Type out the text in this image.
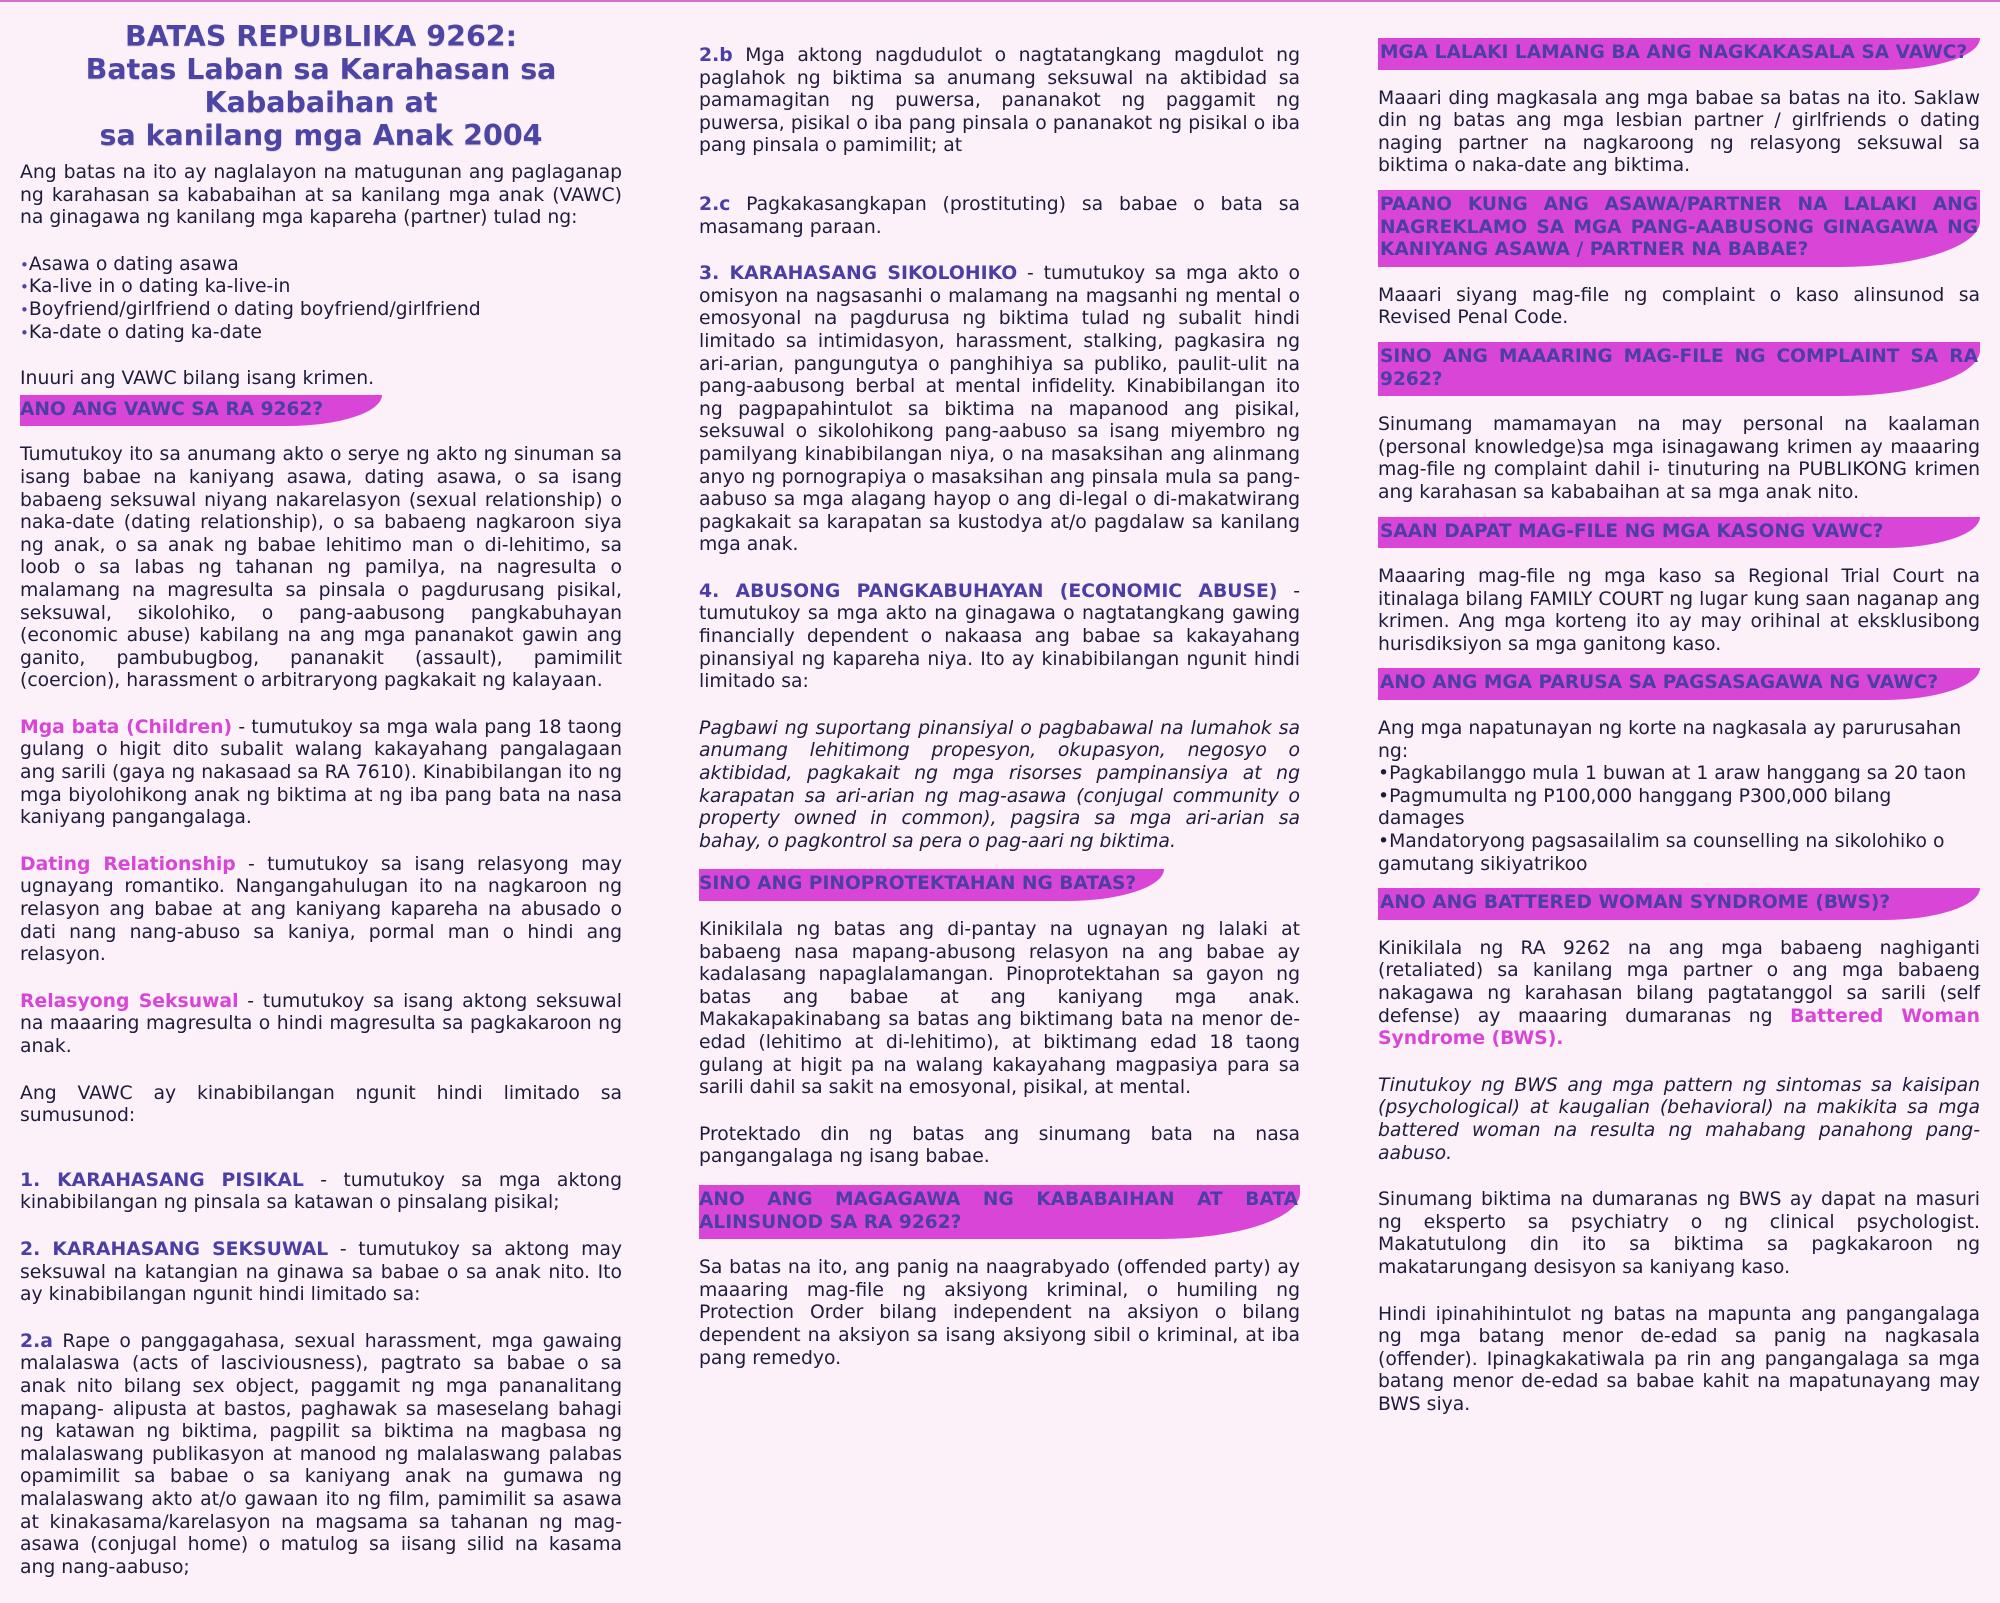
BATAS REPUBLIKA 9262:
Batas Laban sa Karahasan sa Kababaihan at
sa kanilang mga Anak 2004

Ang batas na ito ay naglalayon na matugunan ang paglaganap ng karahasan sa kababaihan at sa kanilang mga anak (VAWC) na ginagawa ng kanilang mga kapareha (partner) tulad ng:

• Asawa o dating asawa
• Ka-live in o dating ka-live-in
• Boyfriend/girlfriend o dating boyfriend/girlfriend
• Ka-date o dating ka-date

Inuuri ang VAWC bilang isang krimen.

ANO ANG VAWC SA RA 9262?

Tumutukoy ito sa anumang akto o serye ng akto ng sinuman sa isang babae na kaniyang asawa, dating asawa, o sa isang babaeng seksuwal niyang nakarelasyon (sexual relationship) o naka-date (dating relationship), o sa babaeng nagkaroon siya ng anak, o sa anak ng babae lehitimo man o di-lehitimo, sa loob o sa labas ng tahanan ng pamilya, na nagresulta o malamang na magresulta sa pinsala o pagdurusang pisikal, seksuwal, sikolohiko, o pang-aabusong pangkabuhayan (economic abuse) kabilang na ang mga pananakot gawin ang ganito, pambubugbog, pananakit (assault), pamimilit (coercion), harassment o arbitraryong pagkakait ng kalayaan.

Mga bata (Children) - tumutukoy sa mga wala pang 18 taong gulang o higit dito subalit walang kakayahang pangalagaan ang sarili (gaya ng nakasaad sa RA 7610). Kinabibilangan ito ng mga biyolohikong anak ng biktima at ng iba pang bata na nasa kaniyang pangangalaga.

Dating Relationship - tumutukoy sa isang relasyong may ugnayang romantiko. Nangangahulugan ito na nagkaroon ng relasyon ang babae at ang kaniyang kapareha na abusado o dati nang nang-abuso sa kaniya, pormal man o hindi ang relasyon.

Relasyong Seksuwal - tumutukoy sa isang aktong seksuwal na maaaring magresulta o hindi magresulta sa pagkakaroon ng anak.

Ang VAWC ay kinabibilangan ngunit hindi limitado sa sumusunod:

1. KARAHASANG PISIKAL - tumutukoy sa mga aktong kinabibilangan ng pinsala sa katawan o pinsalang pisikal;

2. KARAHASANG SEKSUWAL - tumutukoy sa aktong may seksuwal na katangian na ginawa sa babae o sa anak nito. Ito ay kinabibilangan ngunit hindi limitado sa:

2.a Rape o panggagahasa, sexual harassment, mga gawaing malalaswa (acts of lasciviousness), pagtrato sa babae o sa anak nito bilang sex object, paggamit ng mga pananalitang mapang- alipusta at bastos, paghawak sa maseselang bahagi ng katawan ng biktima, pagpilit sa biktima na magbasa ng malalaswang publikasyon at manood ng malalaswang palabas opamimilit sa babae o sa kaniyang anak na gumawa ng malalaswang akto at/o gawaan ito ng film, pamimilit sa asawa at kinakasama/karelasyon na magsama sa tahanan ng mag-asawa (conjugal home) o matulog sa iisang silid na kasama ang nang-aabuso;

2.b Mga aktong nagdudulot o nagtatangkang magdulot ng paglahok ng biktima sa anumang seksuwal na aktibidad sa pamamagitan ng puwersa, pananakot ng paggamit ng puwersa, pisikal o iba pang pinsala o pananakot ng pisikal o iba pang pinsala o pamimilit; at

2.c Pagkakasangkapan (prostituting) sa babae o bata sa masamang paraan.

3. KARAHASANG SIKOLOHIKO - tumutukoy sa mga akto o omisyon na nagsasanhi o malamang na magsanhi ng mental o emosyonal na pagdurusa ng biktima tulad ng subalit hindi limitado sa intimidasyon, harassment, stalking, pagkasira ng ari-arian, pangungutya o panghihiya sa publiko, paulit-ulit na pang-aabusong berbal at mental infidelity. Kinabibilangan ito ng pagpapahintulot sa biktima na mapanood ang pisikal, seksuwal o sikolohikong pang-aabuso sa isang miyembro ng pamilyang kinabibilangan niya, o na masaksihan ang alinmang anyo ng pornograpiya o masaksihan ang pinsala mula sa pang-aabuso sa mga alagang hayop o ang di-legal o di-makatwirang pagkakait sa karapatan sa kustodya at/o pagdalaw sa kanilang mga anak.

4. ABUSONG PANGKABUHAYAN (ECONOMIC ABUSE) - tumutukoy sa mga akto na ginagawa o nagtatangkang gawing financially dependent o nakaasa ang babae sa kakayahang pinansiyal ng kapareha niya. Ito ay kinabibilangan ngunit hindi limitado sa:

Pagbawi ng suportang pinansiyal o pagbabawal na lumahok sa anumang lehitimong propesyon, okupasyon, negosyo o aktibidad, pagkakait ng mga risorses pampinansiya at ng karapatan sa ari-arian ng mag-asawa (conjugal community o property owned in common), pagsira sa mga ari-arian sa bahay, o pagkontrol sa pera o pag-aari ng biktima.

SINO ANG PINOPROTEKTAHAN NG BATAS?

Kinikilala ng batas ang di-pantay na ugnayan ng lalaki at babaeng nasa mapang-abusong relasyon na ang babae ay kadalasang napaglalamangan. Pinoprotektahan sa gayon ng batas ang babae at ang kaniyang mga anak. Makakapakinabang sa batas ang biktimang bata na menor de-edad (lehitimo at di-lehitimo), at biktimang edad 18 taong gulang at higit pa na walang kakayahang magpasiya para sa sarili dahil sa sakit na emosyonal, pisikal, at mental.

Protektado din ng batas ang sinumang bata na nasa pangangalaga ng isang babae.

ANO ANG MAGAGAWA NG KABABAIHAN AT BATA ALINSUNOD SA RA 9262?

Sa batas na ito, ang panig na naagrabyado (offended party) ay maaaring mag-file ng aksiyong kriminal, o humiling ng Protection Order bilang independent na aksiyon o bilang dependent na aksiyon sa isang aksiyong sibil o kriminal, at iba pang remedyo.

MGA LALAKI LAMANG BA ANG NAGKAKASALA SA VAWC?

Maaari ding magkasala ang mga babae sa batas na ito. Saklaw din ng batas ang mga lesbian partner / girlfriends o dating naging partner na nagkaroong ng relasyong seksuwal sa biktima o naka-date ang biktima.

PAANO KUNG ANG ASAWA/PARTNER NA LALAKI ANG NAGREKLAMO SA MGA PANG-AABUSONG GINAGAWA NG KANIYANG ASAWA / PARTNER NA BABAE?

Maaari siyang mag-file ng complaint o kaso alinsunod sa Revised Penal Code.

SINO ANG MAAARING MAG-FILE NG COMPLAINT SA RA 9262?

Sinumang mamamayan na may personal na kaalaman (personal knowledge)sa mga isinagawang krimen ay maaaring mag-file ng complaint dahil i- tinuturing na PUBLIKONG krimen ang karahasan sa kababaihan at sa mga anak nito.

SAAN DAPAT MAG-FILE NG MGA KASONG VAWC?

Maaaring mag-file ng mga kaso sa Regional Trial Court na itinalaga bilang FAMILY COURT ng lugar kung saan naganap ang krimen. Ang mga korteng ito ay may orihinal at eksklusibong hurisdiksiyon sa mga ganitong kaso.

ANO ANG MGA PARUSA SA PAGSASAGAWA NG VAWC?

Ang mga napatunayan ng korte na nagkasala ay parurusahan ng:

• Pagkabilanggo mula 1 buwan at 1 araw hanggang sa 20 taon
• Pagmumulta ng P100,000 hanggang P300,000 bilang damages
• Mandatoryong pagsasailalim sa counselling na sikolohiko o gamutang sikiyatrikoo
ANO ANG BATTERED WOMAN SYNDROME (BWS)?

Kinikilala ng RA 9262 na ang mga babaeng naghiganti (retaliated) sa kanilang mga partner o ang mga babaeng nakagawa ng karahasan bilang pagtatanggol sa sarili (self defense) ay maaaring dumaranas ng Battered Woman Syndrome (BWS).

Tinutukoy ng BWS ang mga pattern ng sintomas sa kaisipan (psychological) at kaugalian (behavioral) na makikita sa mga battered woman na resulta ng mahabang panahong pang-aabuso.

Sinumang biktima na dumaranas ng BWS ay dapat na masuri ng eksperto sa psychiatry o ng clinical psychologist. Makatutulong din ito sa biktima sa pagkakaroon ng makatarungang desisyon sa kaniyang kaso.

Hindi ipinahihintulot ng batas na mapunta ang pangangalaga ng mga batang menor de-edad sa panig na nagkasala (offender). Ipinagkakatiwala pa rin ang pangangalaga sa mga batang menor de-edad sa babae kahit na mapatunayang may BWS siya.
